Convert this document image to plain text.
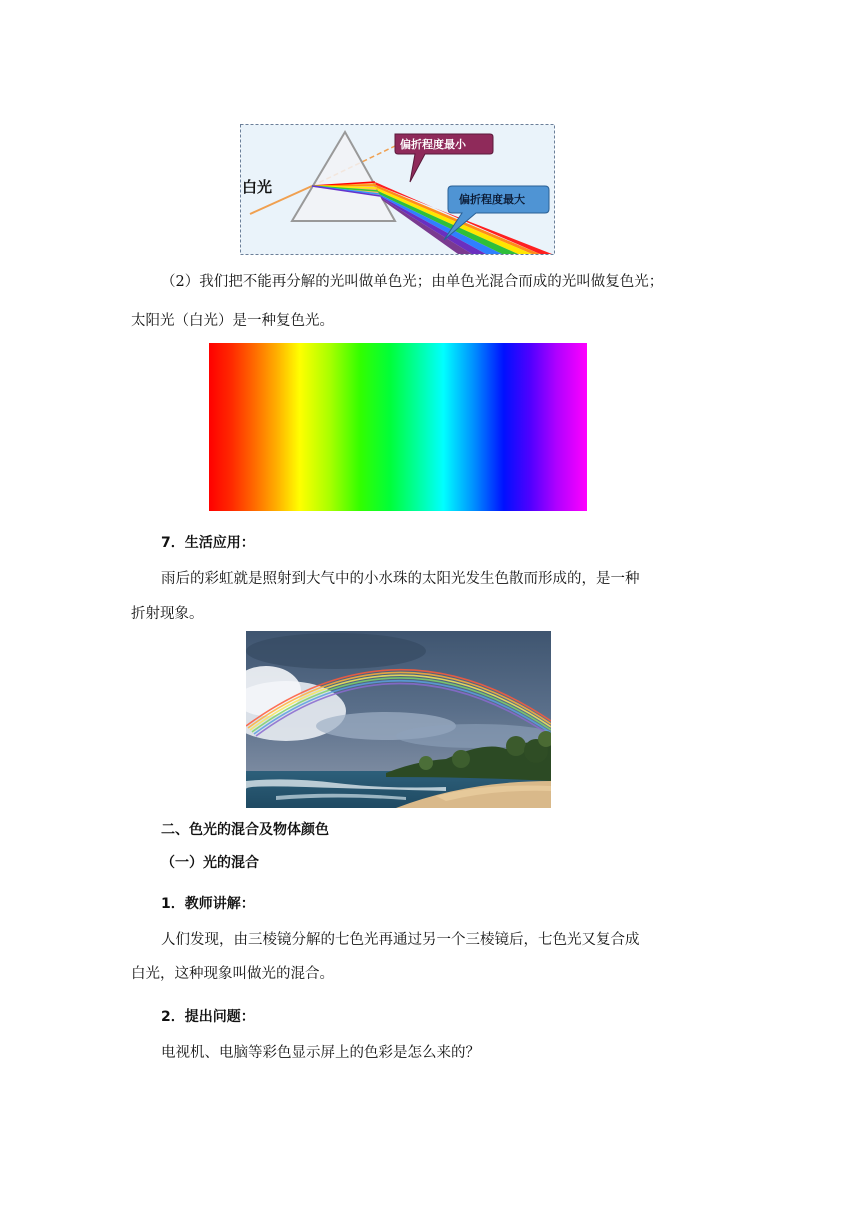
白光
偏折程度最小
偏折程度最大
（2）我们把不能再分解的光叫做单色光；由单色光混合而成的光叫做复色光；
太阳光（白光）是一种复色光。
7．生活应用：
雨后的彩虹就是照射到大气中的小水珠的太阳光发生色散而形成的，是一种
折射现象。
二、色光的混合及物体颜色
（一）光的混合
1．教师讲解：
人们发现，由三棱镜分解的七色光再通过另一个三棱镜后，七色光又复合成
白光，这种现象叫做光的混合。
2．提出问题：
电视机、电脑等彩色显示屏上的色彩是怎么来的？
